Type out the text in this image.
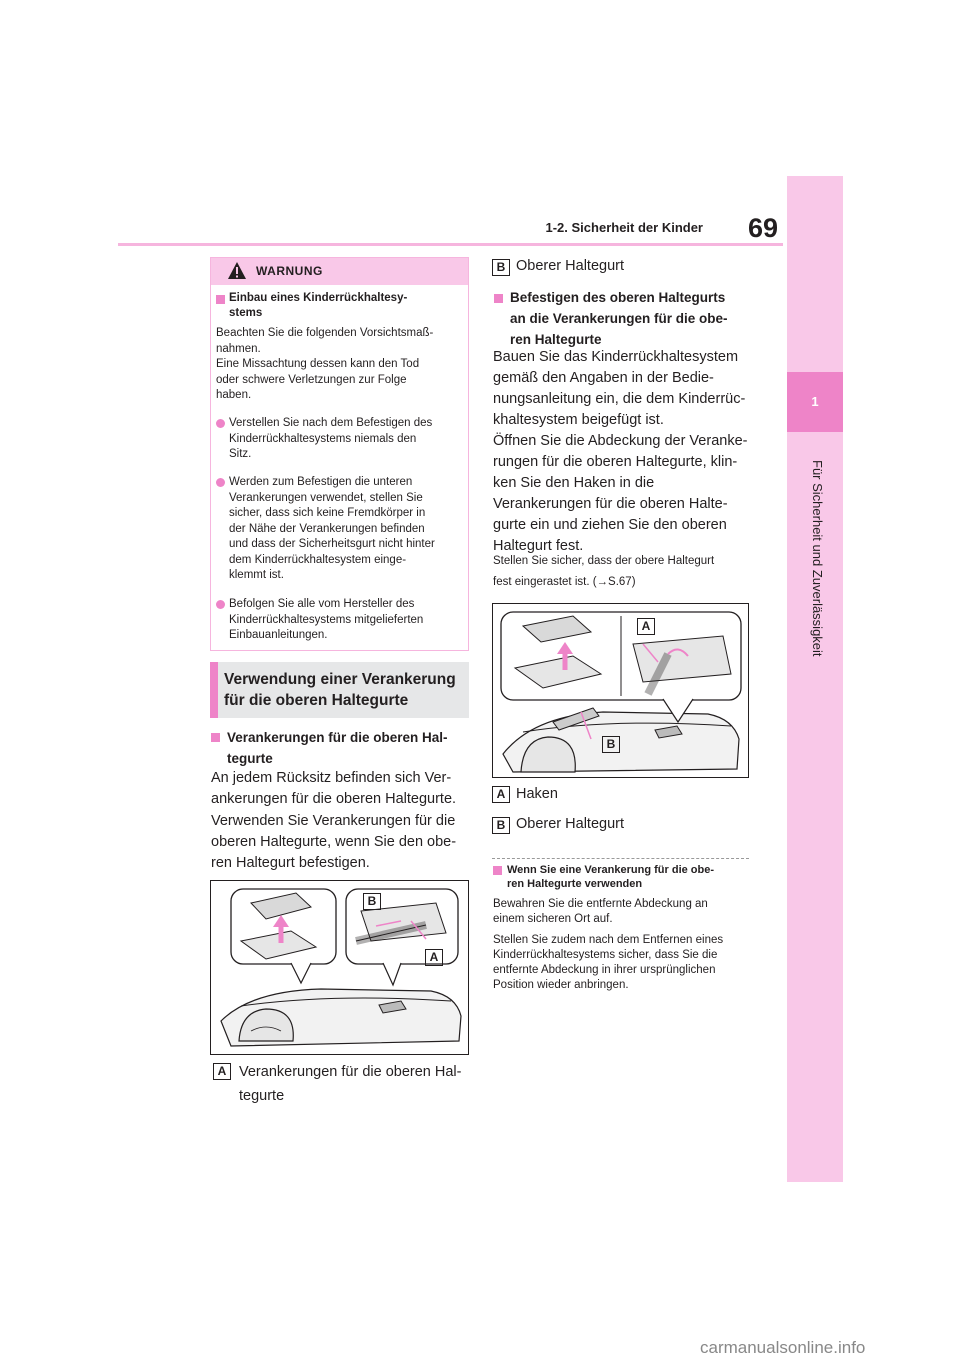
69
1-2. Sicherheit der Kinder
1
Für Sicherheit und Zuverlässigkeit
WARNUNG
Einbau eines Kinderrückhaltesy-
stems
Beachten Sie die folgenden Vorsichtsmaß-
nahmen.
Eine Missachtung dessen kann den Tod
oder schwere Verletzungen zur Folge
haben.
Verstellen Sie nach dem Befestigen des
Kinderrückhaltesystems niemals den
Sitz.
Werden zum Befestigen die unteren
Verankerungen verwendet, stellen Sie
sicher, dass sich keine Fremdkörper in
der Nähe der Verankerungen befinden
und dass der Sicherheitsgurt nicht hinter
dem Kinderrückhaltesystem einge-
klemmt ist.
Befolgen Sie alle vom Hersteller des
Kinderrückhaltesystems mitgelieferten
Einbauanleitungen.
Verwendung einer Verankerung
für die oberen Haltegurte
Verankerungen für die oberen Hal-
tegurte
An jedem Rücksitz befinden sich Ver-
ankerungen für die oberen Haltegurte.
Verwenden Sie Verankerungen für die
oberen Haltegurte, wenn Sie den obe-
ren Haltegurt befestigen.
B
A
A Verankerungen für die oberen Hal-
tegurte
B Oberer Haltegurt
Befestigen des oberen Haltegurts
an die Verankerungen für die obe-
ren Haltegurte
Bauen Sie das Kinderrückhaltesystem
gemäß den Angaben in der Bedie-
nungsanleitung ein, die dem Kinderrüc-
khaltesystem beigefügt ist.
Öffnen Sie die Abdeckung der Veranke-
rungen für die oberen Haltegurte, klin-
ken Sie den Haken in die
Verankerungen für die oberen Halte-
gurte ein und ziehen Sie den oberen
Haltegurt fest.
Stellen Sie sicher, dass der obere Haltegurt
fest eingerastet ist. (→S.67)
A
B
A Haken
B Oberer Haltegurt
Wenn Sie eine Verankerung für die obe-
ren Haltegurte verwenden
Bewahren Sie die entfernte Abdeckung an
einem sicheren Ort auf.
Stellen Sie zudem nach dem Entfernen eines
Kinderrückhaltesystems sicher, dass Sie die
entfernte Abdeckung in ihrer ursprünglichen
Position wieder anbringen.
carmanualsonline.info
